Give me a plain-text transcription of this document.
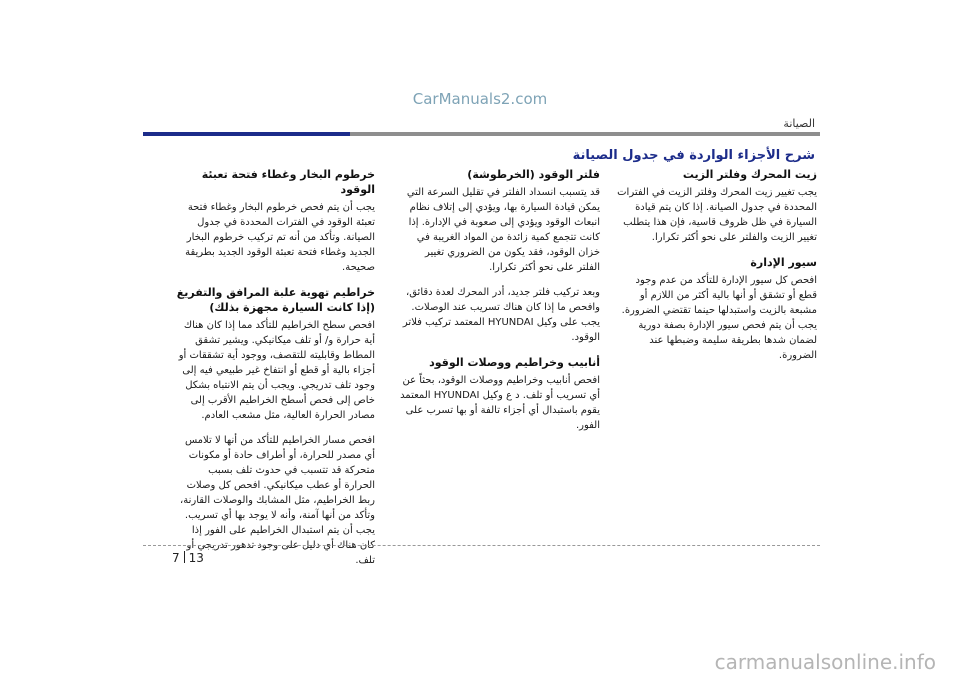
CarManuals2.com
الصيانة
شرح الأجزاء الواردة في جدول الصيانة
زيت المحرك وفلتر الزيت

يجب تغيير زيت المحرك وفلتر الزيت في الفترات المحددة في جدول الصيانة. إذا كان يتم قيادة السيارة في ظل ظروف قاسية، فإن هذا يتطلب تغيير الزيت والفلتر على نحو أكثر تكرارا.

سيور الإدارة

افحص كل سيور الإدارة للتأكد من عدم وجود قطع أو تشقق أو أنها بالية أكثر من اللازم أو مشبعة بالزيت واستبدلها حينما تقتضي الضرورة. يجب أن يتم فحص سيور الإدارة بصفة دورية لضمان شدها بطريقة سليمة وضبطها عند الضرورة.

فلتر الوقود (الخرطوشة)

قد يتسبب انسداد الفلتر في تقليل السرعة التي يمكن قيادة السيارة بها، ويؤدي إلى إتلاف نظام انبعاث الوقود ويؤدي إلى صعوبة في الإدارة. إذا كانت تتجمع كمية زائدة من المواد الغريبة في خزان الوقود، فقد يكون من الضروري تغيير الفلتر على نحو أكثر تكرارا.

وبعد تركيب فلتر جديد، أدر المحرك لعدة دقائق، وافحص ما إذا كان هناك تسريب عند الوصلات. يجب على وكيل HYUNDAI المعتمد تركيب فلاتر الوقود.

أنابيب وخراطيم ووصلات الوقود

افحص أنابيب وخراطيم ووصلات الوقود، بحثاً عن أي تسريب أو تلف. د ع وكيل HYUNDAI المعتمد يقوم باستبدال أي أجزاء تالفة أو بها تسرب على الفور.

خرطوم البخار وغطاء فتحة تعبئة الوقود

يجب أن يتم فحص خرطوم البخار وغطاء فتحة تعبئة الوقود في الفترات المحددة في جدول الصيانة. وتأكد من أنه تم تركيب خرطوم البخار الجديد وغطاء فتحة تعبئة الوقود الجديد بطريقة صحيحة.

خراطيم تهوية علبة المرافق والتفريغ (إذا كانت السيارة مجهزة بذلك)

افحص سطح الخراطيم للتأكد مما إذا كان هناك أية حرارة و/ أو تلف ميكانيكي. ويشير تشقق المطاط وقابليته للتقصف، ووجود أية تشققات أو أجزاء بالية أو قطع أو انتفاخ غير طبيعي فيه إلى وجود تلف تدريجي. ويجب أن يتم الانتباه بشكل خاص إلى فحص أسطح الخراطيم الأقرب إلى مصادر الحرارة العالية، مثل مشعب العادم.

افحص مسار الخراطيم للتأكد من أنها لا تلامس أي مصدر للحرارة، أو أطراف حادة أو مكونات متحركة قد تتسبب في حدوث تلف بسبب الحرارة أو عطب ميكانيكي. افحص كل وصلات ربط الخراطيم، مثل المشابك والوصلات القارنة، وتأكد من أنها آمنة، وأنه لا يوجد بها أي تسريب. يجب أن يتم استبدال الخراطيم على الفور إذا كان هناك أي دليل على وجود تدهور تدريجي أو تلف.

7 13
carmanualsonline.info
